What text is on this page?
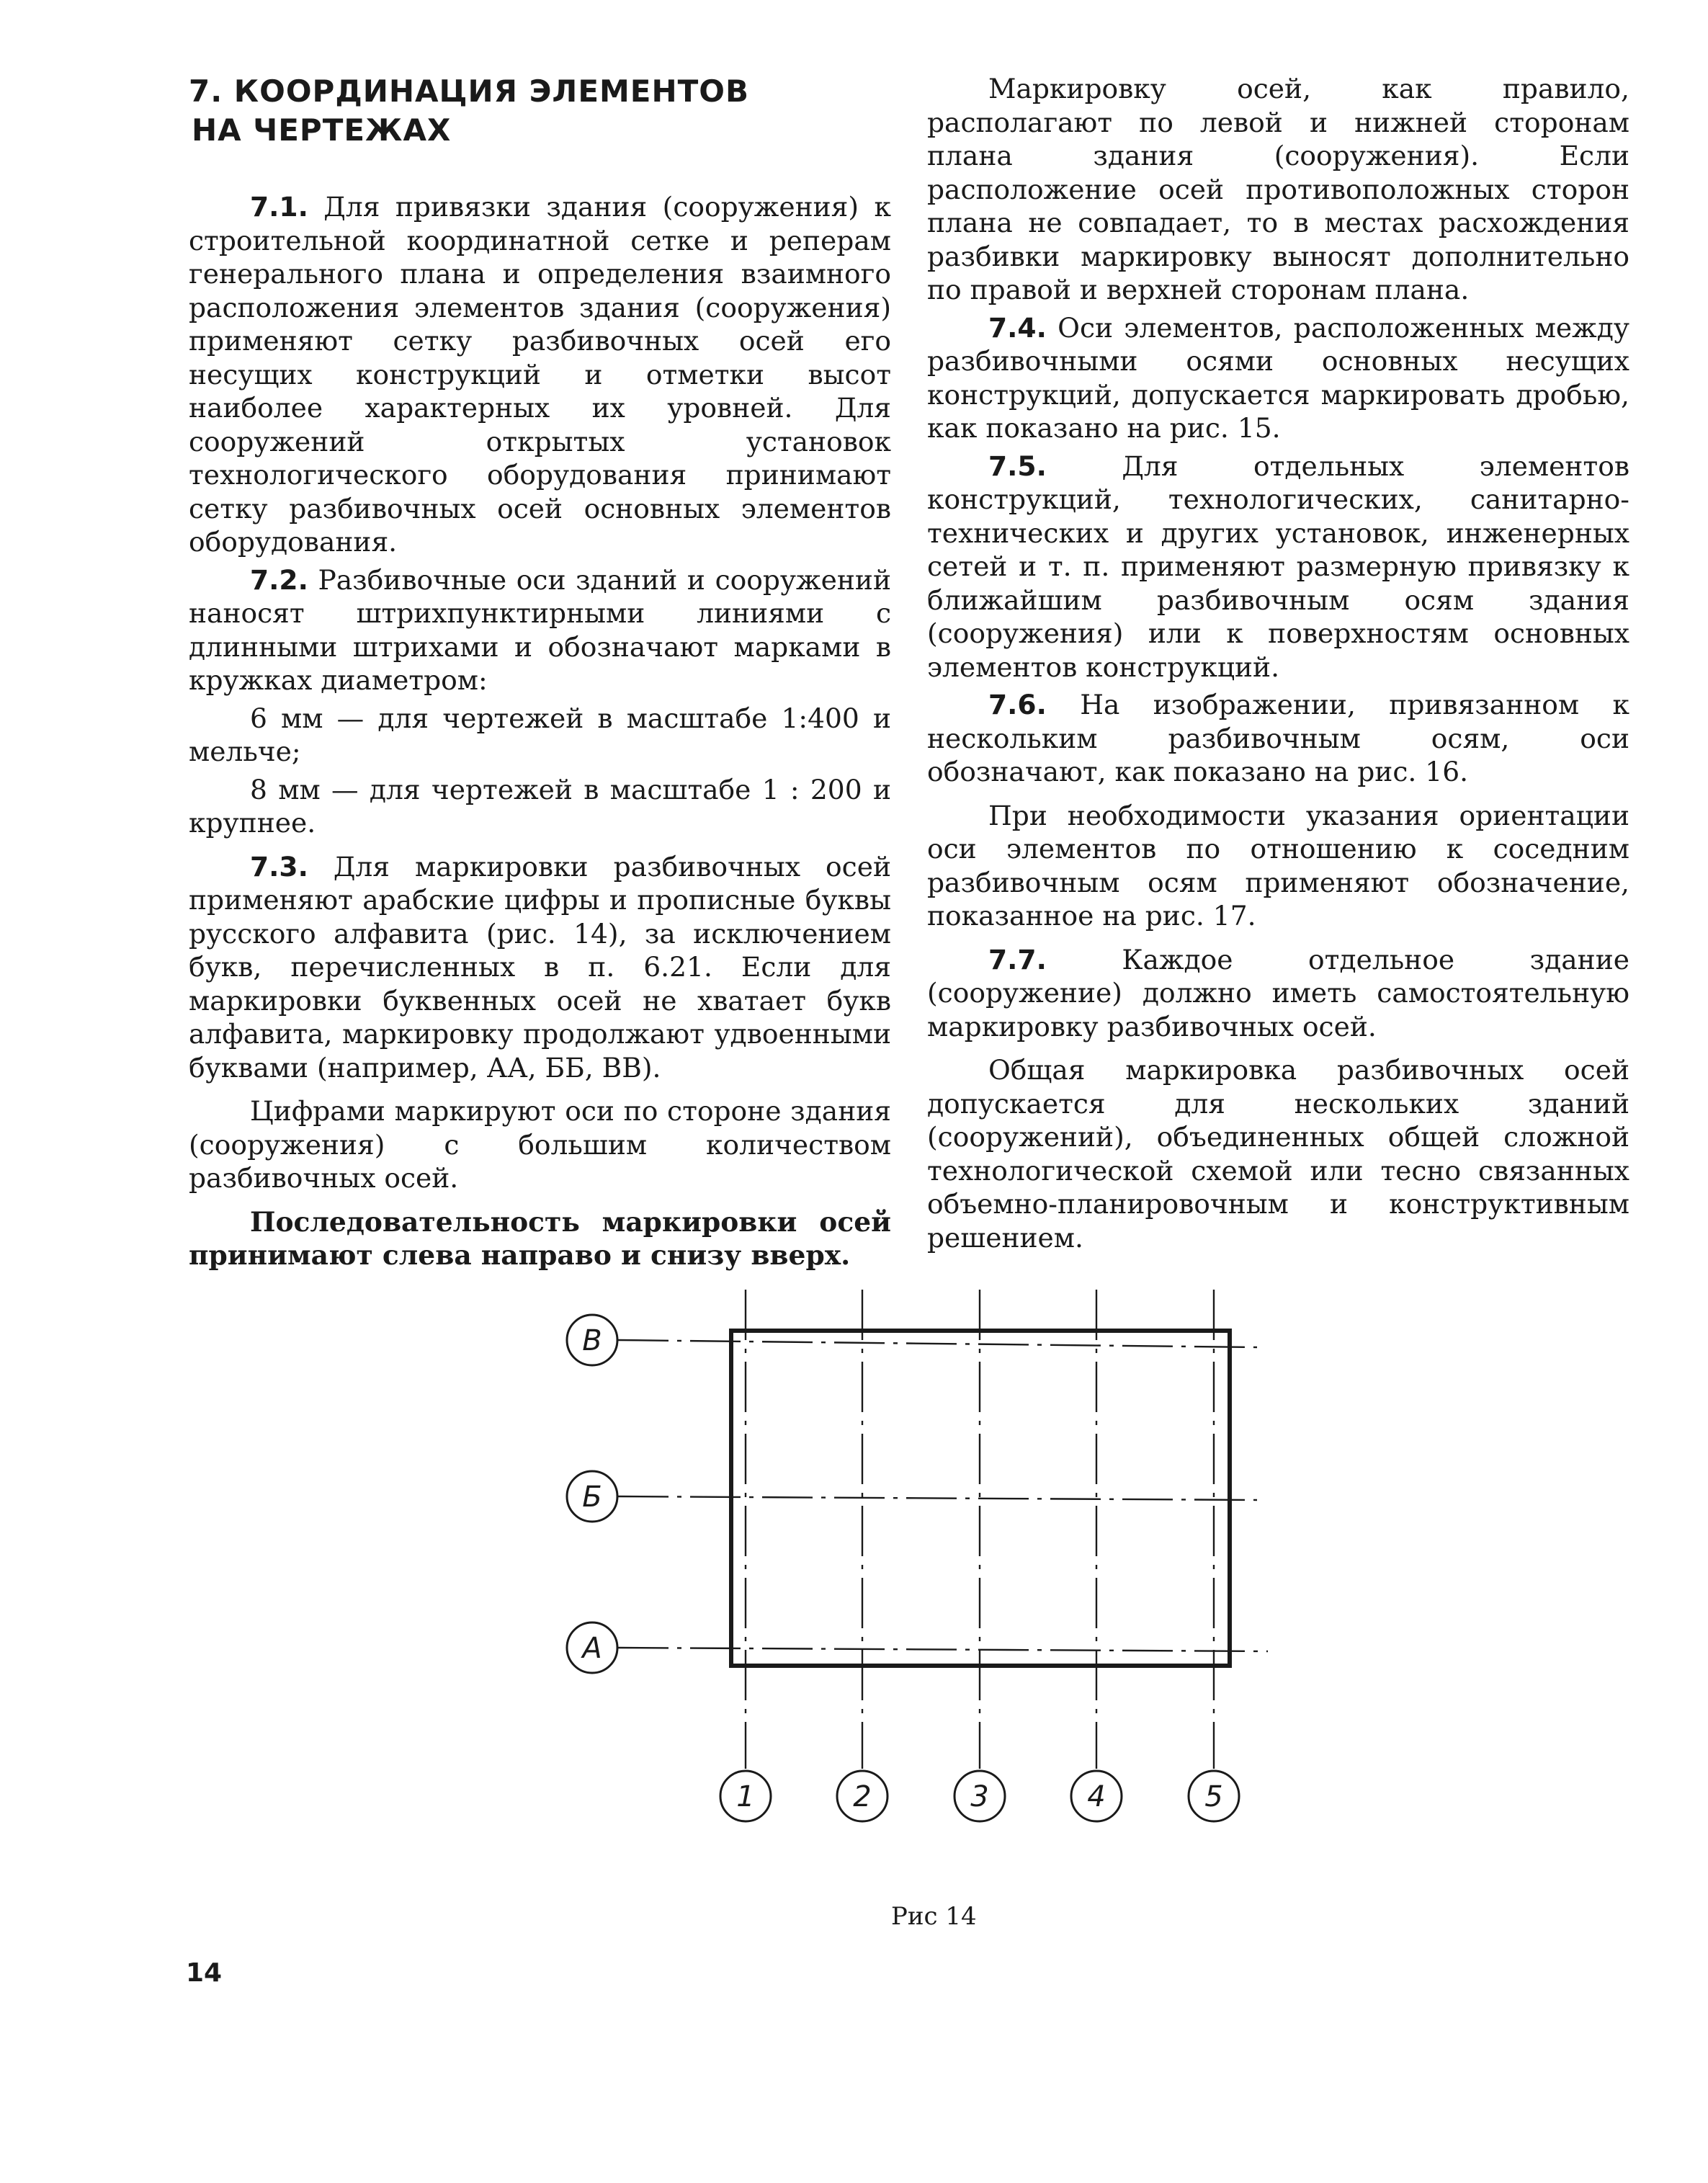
7. КООРДИНАЦИЯ ЭЛЕМЕНТОВ
НА ЧЕРТЕЖАХ

7.1. Для привязки здания (сооружения) к строительной координатной сетке и реперам генерального плана и определения взаимного расположения элементов здания (сооружения) применяют сетку разбивочных осей его несущих конструкций и отметки высот наиболее характерных их уровней. Для сооружений открытых установок технологического оборудования принимают сетку разбивочных осей основных элементов оборудования.

7.2. Разбивочные оси зданий и сооружений наносят штрихпунктирными линиями с длинными штрихами и обозначают марками в кружках диаметром:

6 мм — для чертежей в масштабе 1:400 и мельче;

8 мм — для чертежей в масштабе 1 : 200 и крупнее.

7.3. Для маркировки разбивочных осей применяют арабские цифры и прописные буквы русского алфавита (рис. 14), за исключением букв, перечисленных в п. 6.21. Если для маркировки буквенных осей не хватает букв алфавита, маркировку продолжают удвоенными буквами (например, АА, ББ, ВВ).

Цифрами маркируют оси по стороне здания (сооружения) с большим количеством разбивочных осей.

Последовательность маркировки осей принимают слева направо и снизу вверх.

Маркировку осей, как правило, располагают по левой и нижней сторонам плана здания (сооружения). Если расположение осей противоположных сторон плана не совпадает, то в местах расхождения разбивки маркировку выносят дополнительно по правой и верхней сторонам плана.

7.4. Оси элементов, расположенных между разбивочными осями основных несущих конструкций, допускается маркировать дробью, как показано на рис. 15.

7.5. Для отдельных элементов конструкций, технологических, санитарно-технических и других установок, инженерных сетей и т. п. применяют размерную привязку к ближайшим разбивочным осям здания (сооружения) или к поверхностям основных элементов конструкций.

7.6. На изображении, привязанном к нескольким разбивочным осям, оси обозначают, как показано на рис. 16.

При необходимости указания ориентации оси элементов по отношению к соседним разбивочным осям применяют обозначение, показанное на рис. 17.

7.7. Каждое отдельное здание (сооружение) должно иметь самостоятельную маркировку разбивочных осей.

Общая маркировка разбивочных осей допускается для нескольких зданий (сооружений), объединенных общей сложной технологической схемой или тесно связанных объемно-планировочным и конструктивным решением.

В
Б
А
1	2	3	4	5
Рис 14
14
